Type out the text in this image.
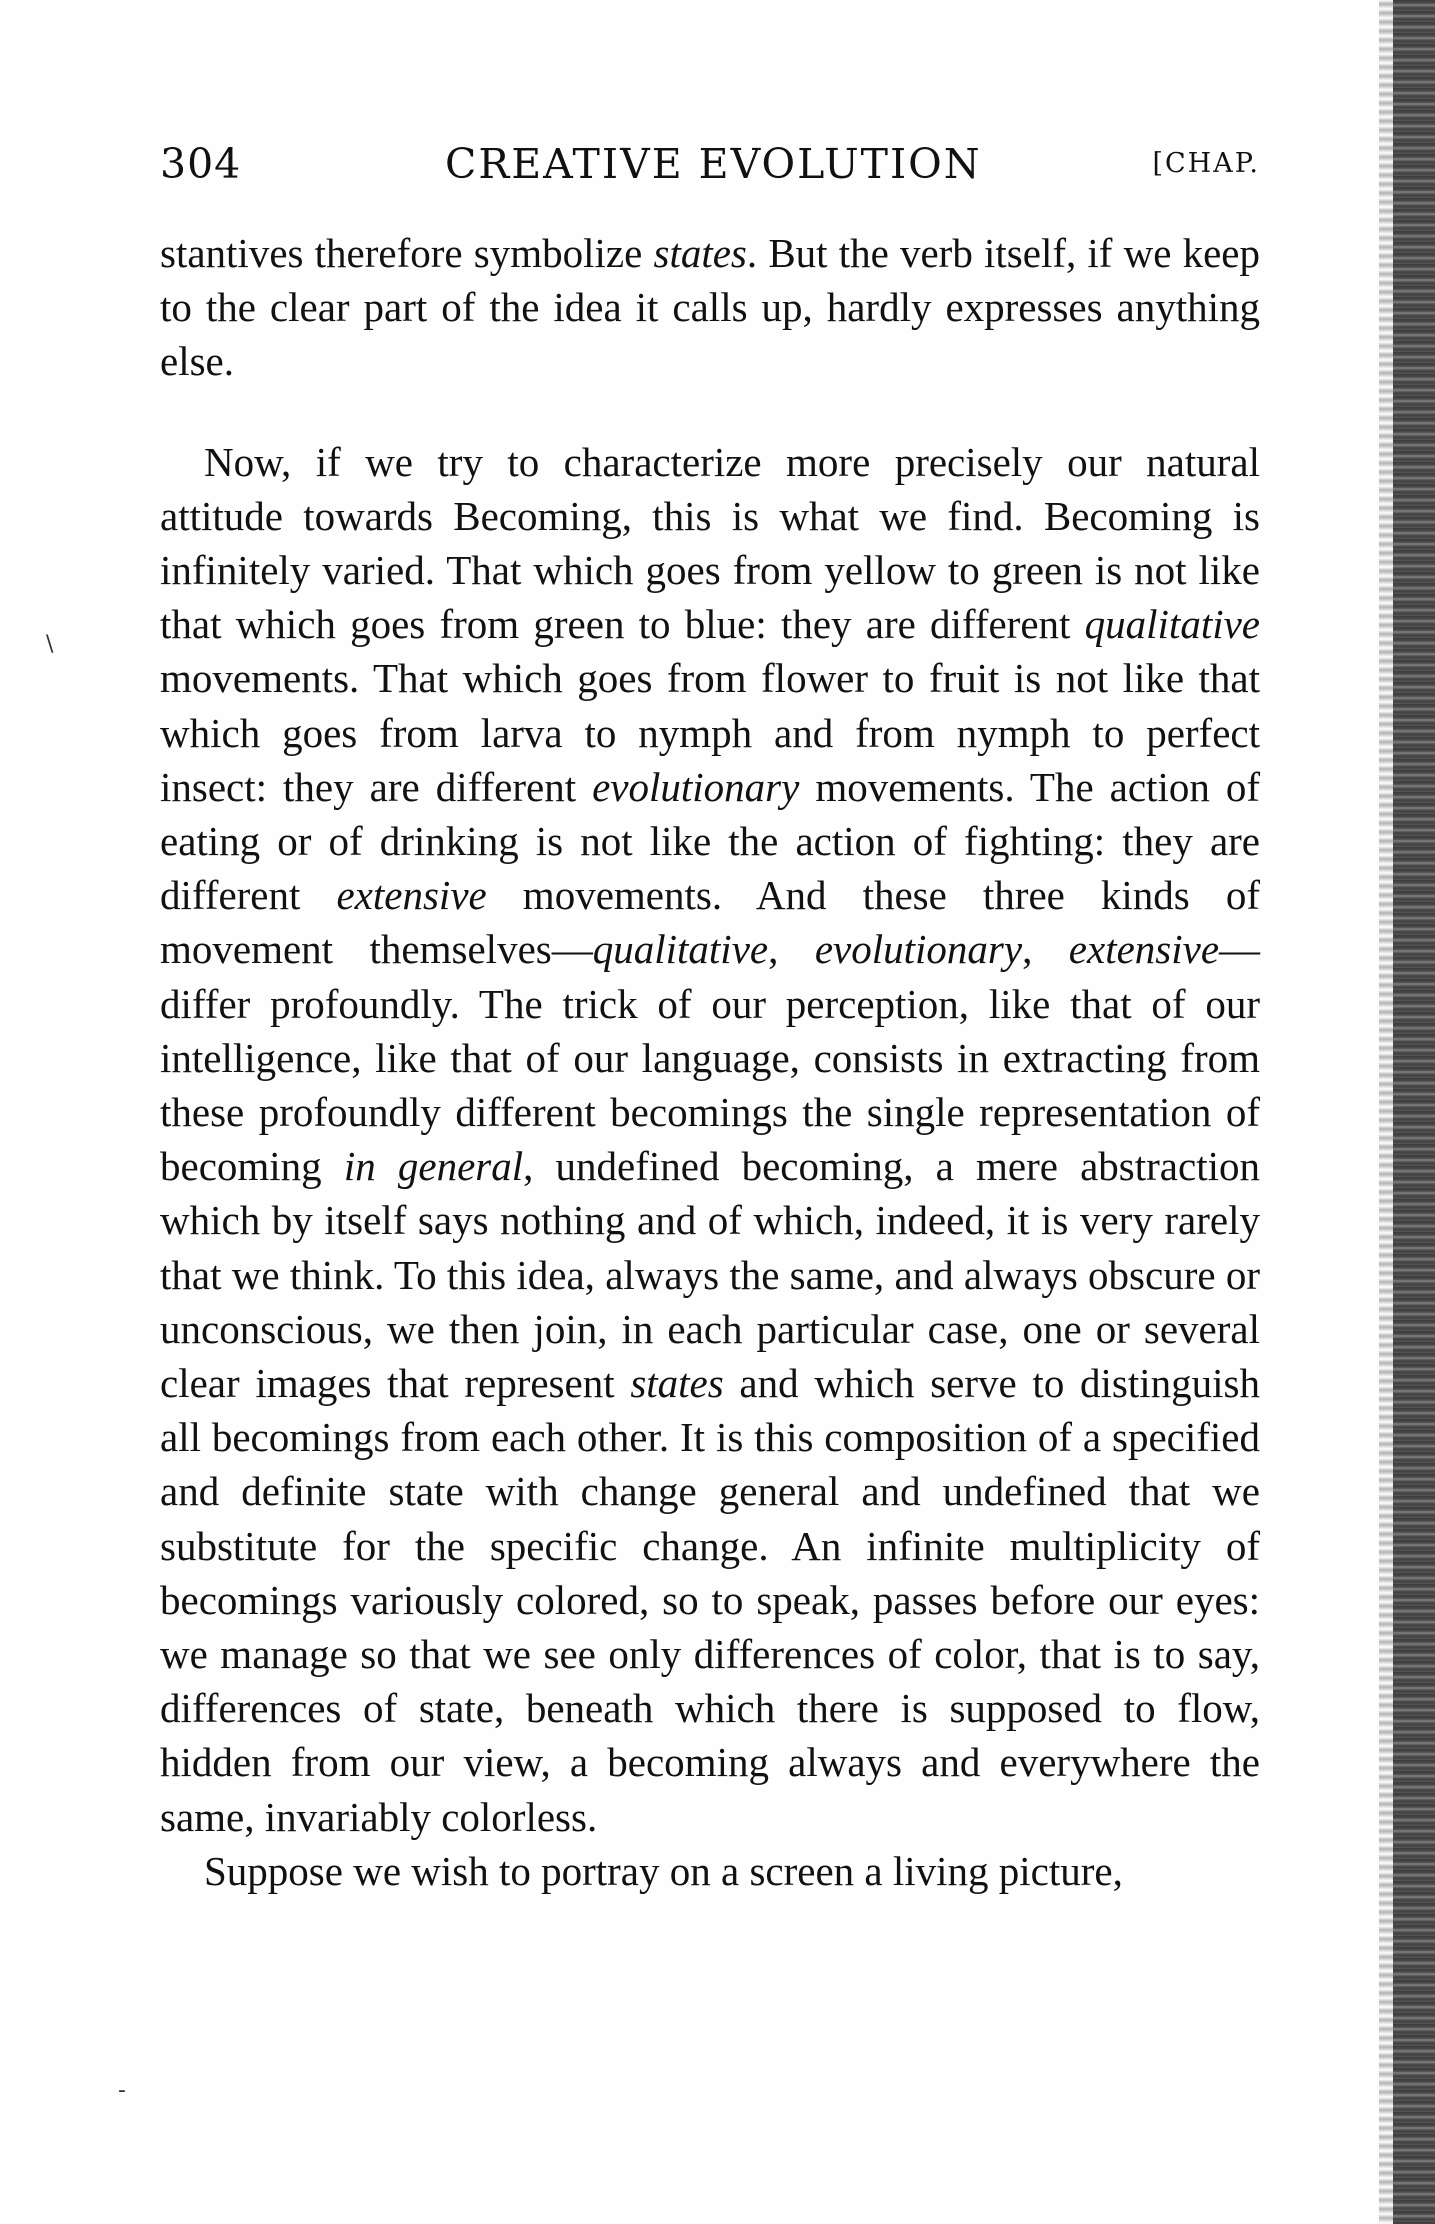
304	CREATIVE EVOLUTION	[CHAP.

stantives therefore symbolize states. But the verb itself, if we keep to the clear part of the idea it calls up, hardly expresses anything else.

Now, if we try to characterize more precisely our natural attitude towards Becoming, this is what we find. Becoming is infinitely varied. That which goes from yellow to green is not like that which goes from green to blue: they are different qualitative movements. That which goes from flower to fruit is not like that which goes from larva to nymph and from nymph to perfect insect: they are different evolutionary movements. The action of eating or of drinking is not like the action of fighting: they are different extensive movements. And these three kinds of movement themselves—qualitative, evolutionary, extensive—differ profoundly. The trick of our perception, like that of our intelligence, like that of our language, consists in extracting from these profoundly different becomings the single representation of becoming in general, undefined becoming, a mere abstraction which by itself says nothing and of which, indeed, it is very rarely that we think. To this idea, always the same, and always obscure or unconscious, we then join, in each particular case, one or several clear images that represent states and which serve to distinguish all becomings from each other. It is this composition of a specified and definite state with change general and undefined that we substitute for the specific change. An infinite multiplicity of becomings variously colored, so to speak, passes before our eyes: we manage so that we see only differences of color, that is to say, differences of state, beneath which there is supposed to flow, hidden from our view, a becoming always and everywhere the same, invariably colorless.

Suppose we wish to portray on a screen a living picture,

\
-
